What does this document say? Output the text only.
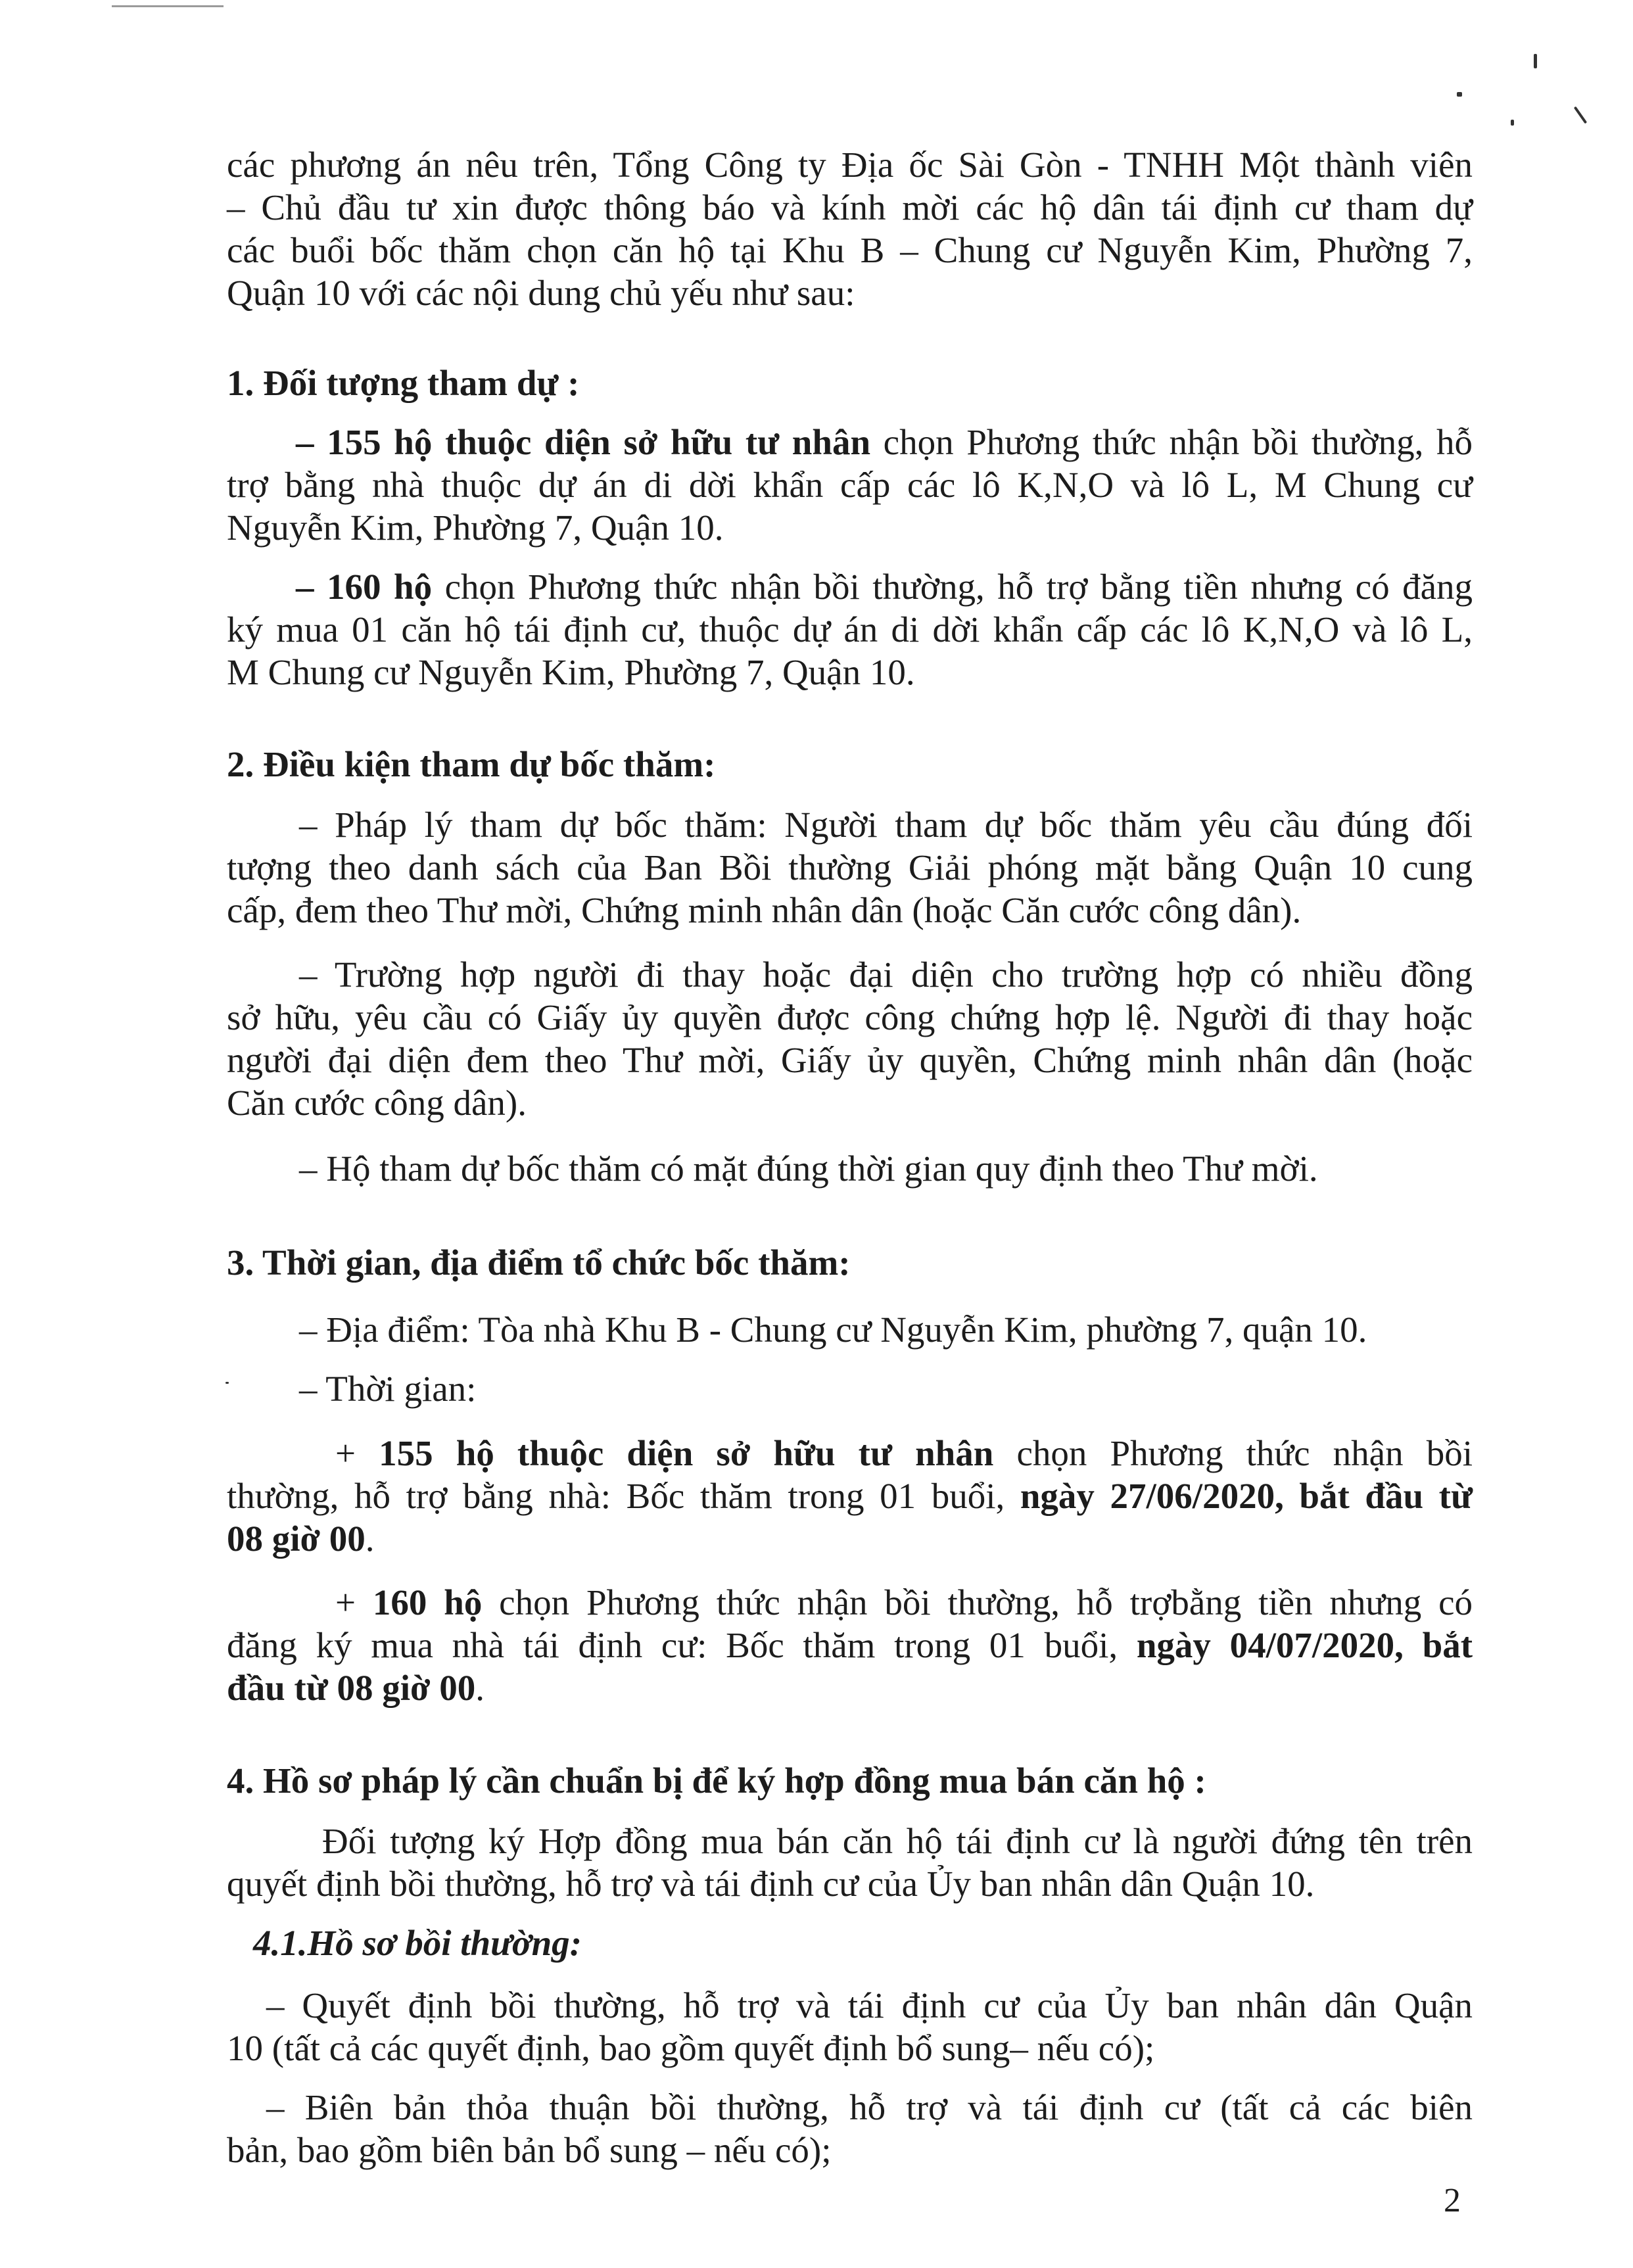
các phương án nêu trên, Tổng Công ty Địa ốc Sài Gòn - TNHH Một thành viên
– Chủ đầu tư xin được thông báo và kính mời các hộ dân tái định cư tham dự
các buổi bốc thăm chọn căn hộ tại Khu B – Chung cư Nguyễn Kim, Phường 7,
Quận 10 với các nội dung chủ yếu như sau:
1. Đối tượng tham dự :
– 155 hộ thuộc diện sở hữu tư nhân chọn Phương thức nhận bồi thường, hỗ
trợ bằng nhà thuộc dự án di dời khẩn cấp các lô K,N,O và lô L, M Chung cư
Nguyễn Kim, Phường 7, Quận 10.
– 160 hộ chọn Phương thức nhận bồi thường, hỗ trợ bằng tiền nhưng có đăng
ký mua 01 căn hộ tái định cư, thuộc dự án di dời khẩn cấp các lô K,N,O và lô L,
M Chung cư Nguyễn Kim, Phường 7, Quận 10.
2. Điều kiện tham dự bốc thăm:
– Pháp lý tham dự bốc thăm: Người tham dự bốc thăm yêu cầu đúng đối
tượng theo danh sách của Ban Bồi thường Giải phóng mặt bằng Quận 10 cung
cấp, đem theo Thư mời, Chứng minh nhân dân (hoặc Căn cước công dân).
– Trường hợp người đi thay hoặc đại diện cho trường hợp có nhiều đồng
sở hữu, yêu cầu có Giấy ủy quyền được công chứng hợp lệ. Người đi thay hoặc
người đại diện đem theo Thư mời, Giấy ủy quyền, Chứng minh nhân dân (hoặc
Căn cước công dân).
– Hộ tham dự bốc thăm có mặt đúng thời gian quy định theo Thư mời.
3. Thời gian, địa điểm tổ chức bốc thăm:
– Địa điểm: Tòa nhà Khu B - Chung cư Nguyễn Kim, phường 7, quận 10.
– Thời gian:
+ 155 hộ thuộc diện sở hữu tư nhân chọn Phương thức nhận bồi
thường, hỗ trợ bằng nhà: Bốc thăm trong 01 buổi, ngày 27/06/2020, bắt đầu từ
08 giờ 00.
+ 160 hộ chọn Phương thức nhận bồi thường, hỗ trợbằng tiền nhưng có
đăng ký mua nhà tái định cư: Bốc thăm trong 01 buổi, ngày 04/07/2020, bắt
đầu từ 08 giờ 00.
4. Hồ sơ pháp lý cần chuẩn bị để ký hợp đồng mua bán căn hộ :
Đối tượng ký Hợp đồng mua bán căn hộ tái định cư là người đứng tên trên
quyết định bồi thường, hỗ trợ và tái định cư của Ủy ban nhân dân Quận 10.
4.1.Hồ sơ bồi thường:
– Quyết định bồi thường, hỗ trợ và tái định cư của Ủy ban nhân dân Quận
10 (tất cả các quyết định, bao gồm quyết định bổ sung– nếu có);
– Biên bản thỏa thuận bồi thường, hỗ trợ và tái định cư (tất cả các biên
bản, bao gồm biên bản bổ sung – nếu có);
2
